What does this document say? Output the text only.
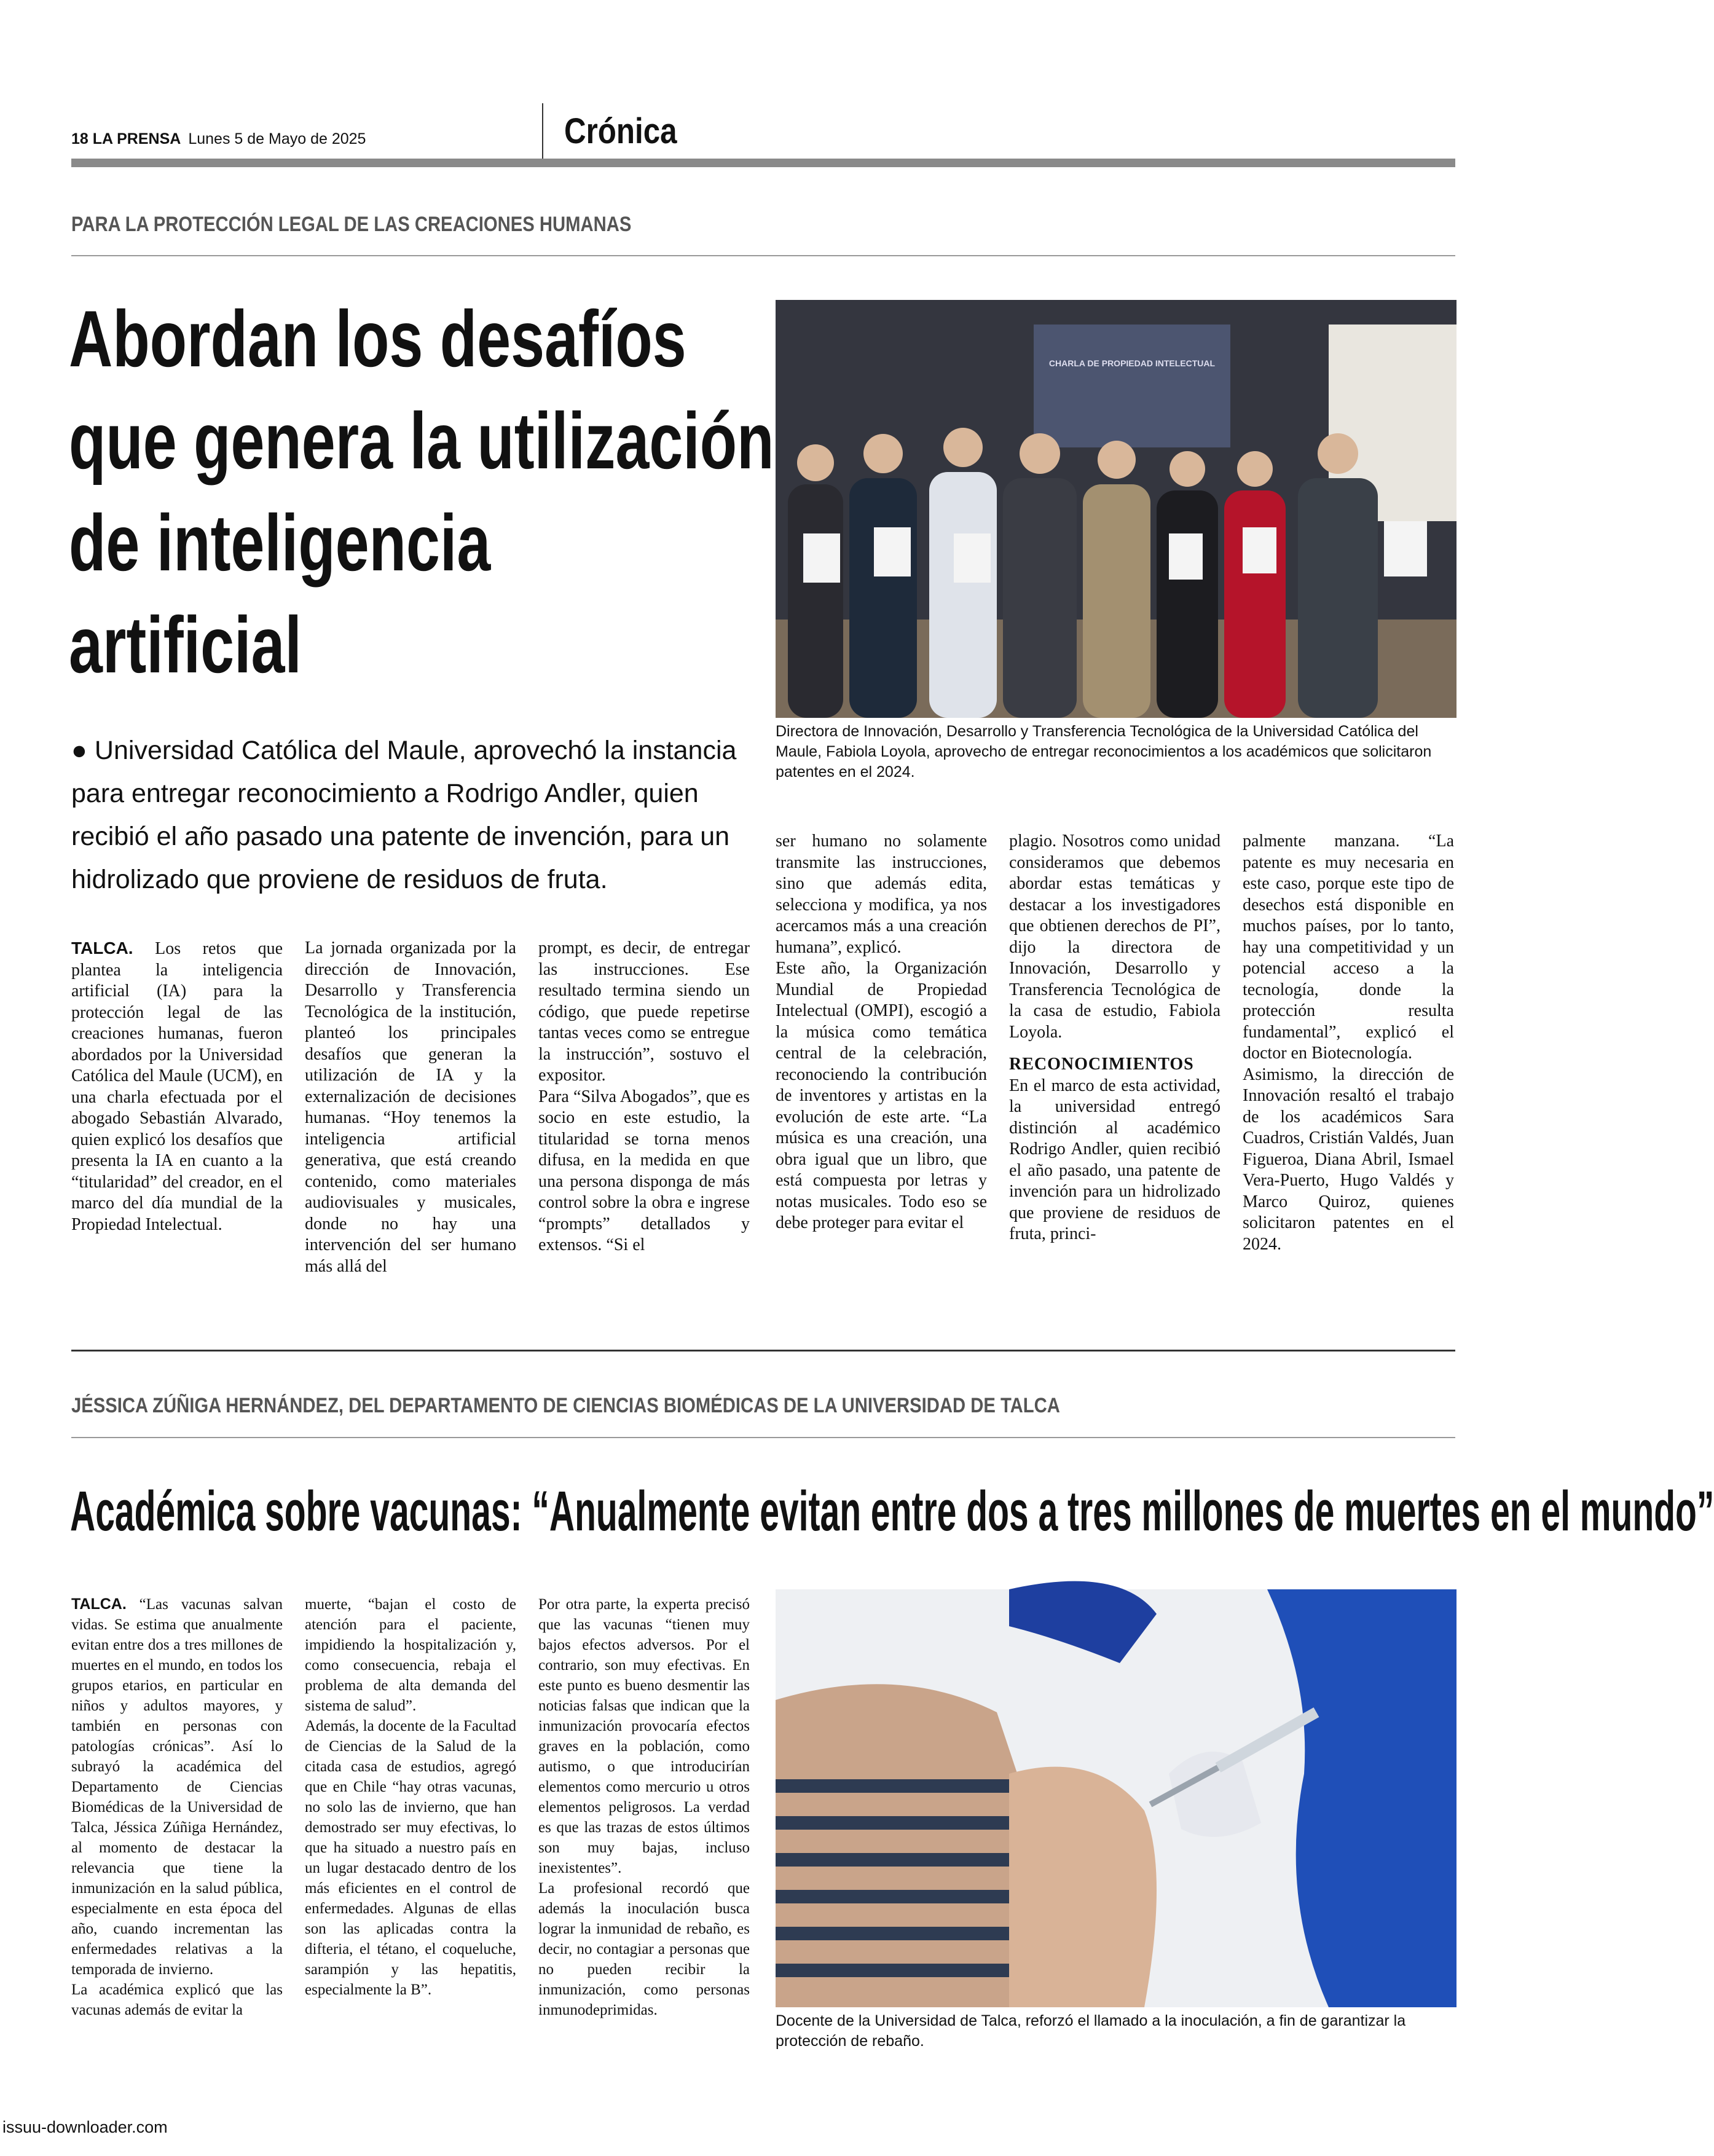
18 LA PRENSA Lunes 5 de Mayo de 2025	Crónica
PARA LA PROTECCIÓN LEGAL DE LAS CREACIONES HUMANAS
Abordan los desafíos
que genera la utilización
de inteligencia
artificial
● Universidad Católica del Maule, aprovechó la instancia para entregar reconocimiento a Rodrigo Andler, quien recibió el año pasado una patente de invención, para un hidrolizado que proviene de residuos de fruta.
CHARLA DE PROPIEDAD INTELECTUAL
Directora de Innovación, Desarrollo y Transferencia Tecnológica de la Universidad Católica del Maule, Fabiola Loyola, aprovecho de entregar reconocimientos a los académicos que solicitaron patentes en el 2024.

TALCA. Los retos que plantea la inteligencia artificial (IA) para la protección legal de las creaciones humanas, fueron abordados por la Universidad Católica del Maule (UCM), en una charla efectuada por el abogado Sebastián Alvarado, quien explicó los desafíos que presenta la IA en cuanto a la “titularidad” del creador, en el marco del día mundial de la Propiedad Intelectual.

La jornada organizada por la dirección de Innovación, Desarrollo y Transferencia Tecnológica de la institución, planteó los principales desafíos que generan la utilización de IA y la externalización de decisiones humanas. “Hoy tenemos la inteligencia artificial generativa, que está creando contenido, como materiales audiovisuales y musicales, donde no hay una intervención del ser humano más allá del

prompt, es decir, de entregar las instrucciones. Ese resultado termina siendo un código, que puede repetirse tantas veces como se entregue la instrucción”, sostuvo el expositor.

Para “Silva Abogados”, que es socio en este estudio, la titularidad se torna menos difusa, en la medida en que una persona disponga de más control sobre la obra e ingrese “prompts” detallados y extensos. “Si el

ser humano no solamente transmite las instrucciones, sino que además edita, selecciona y modifica, ya nos acercamos más a una creación humana”, explicó.

Este año, la Organización Mundial de Propiedad Intelectual (OMPI), escogió a la música como temática central de la celebración, reconociendo la contribución de inventores y artistas en la evolución de este arte. “La música es una creación, una obra igual que un libro, que está compuesta por letras y notas musicales. Todo eso se debe proteger para evitar el

plagio. Nosotros como unidad consideramos que debemos abordar estas temáticas y destacar a los investigadores que obtienen derechos de PI”, dijo la directora de Innovación, Desarrollo y Transferencia Tecnológica de la casa de estudio, Fabiola Loyola.

RECONOCIMIENTOS

En el marco de esta actividad, la universidad entregó distinción al académico Rodrigo Andler, quien recibió el año pasado, una patente de invención para un hidrolizado que proviene de residuos de fruta, princi-

palmente manzana. “La patente es muy necesaria en este caso, porque este tipo de desechos está disponible en muchos países, por lo tanto, hay una competitividad y un potencial acceso a la tecnología, donde la protección resulta fundamental”, explicó el doctor en Biotecnología.

Asimismo, la dirección de Innovación resaltó el trabajo de los académicos Sara Cuadros, Cristián Valdés, Juan Figueroa, Diana Abril, Ismael Vera-Puerto, Hugo Valdés y Marco Quiroz, quienes solicitaron patentes en el 2024.

JÉSSICA ZÚÑIGA HERNÁNDEZ, DEL DEPARTAMENTO DE CIENCIAS BIOMÉDICAS DE LA UNIVERSIDAD DE TALCA
Académica sobre vacunas: “Anualmente evitan entre dos a tres millones de muertes en el mundo”

TALCA. “Las vacunas salvan vidas. Se estima que anualmente evitan entre dos a tres millones de muertes en el mundo, en todos los grupos etarios, en particular en niños y adultos mayores, y también en personas con patologías crónicas”. Así lo subrayó la académica del Departamento de Ciencias Biomédicas de la Universidad de Talca, Jéssica Zúñiga Hernández, al momento de destacar la relevancia que tiene la inmunización en la salud pública, especialmente en esta época del año, cuando incrementan las enfermedades relativas a la temporada de invierno.

La académica explicó que las vacunas además de evitar la

muerte, “bajan el costo de atención para el paciente, impidiendo la hospitalización y, como consecuencia, rebaja el problema de alta demanda del sistema de salud”.

Además, la docente de la Facultad de Ciencias de la Salud de la citada casa de estudios, agregó que en Chile “hay otras vacunas, no solo las de invierno, que han demostrado ser muy efectivas, lo que ha situado a nuestro país en un lugar destacado dentro de los más eficientes en el control de enfermedades. Algunas de ellas son las aplicadas contra la difteria, el tétano, el coqueluche, sarampión y las hepatitis, especialmente la B”.

Por otra parte, la experta precisó que las vacunas “tienen muy bajos efectos adversos. Por el contrario, son muy efectivas. En este punto es bueno desmentir las noticias falsas que indican que la inmunización provocaría efectos graves en la población, como autismo, o que introducirían elementos como mercurio u otros elementos peligrosos. La verdad es que las trazas de estos últimos son muy bajas, incluso inexistentes”.

La profesional recordó que además la inoculación busca lograr la inmunidad de rebaño, es decir, no contagiar a personas que no pueden recibir la inmunización, como personas inmunodeprimidas.

Docente de la Universidad de Talca, reforzó el llamado a la inoculación, a fin de garantizar la protección de rebaño.
issuu-downloader.com
